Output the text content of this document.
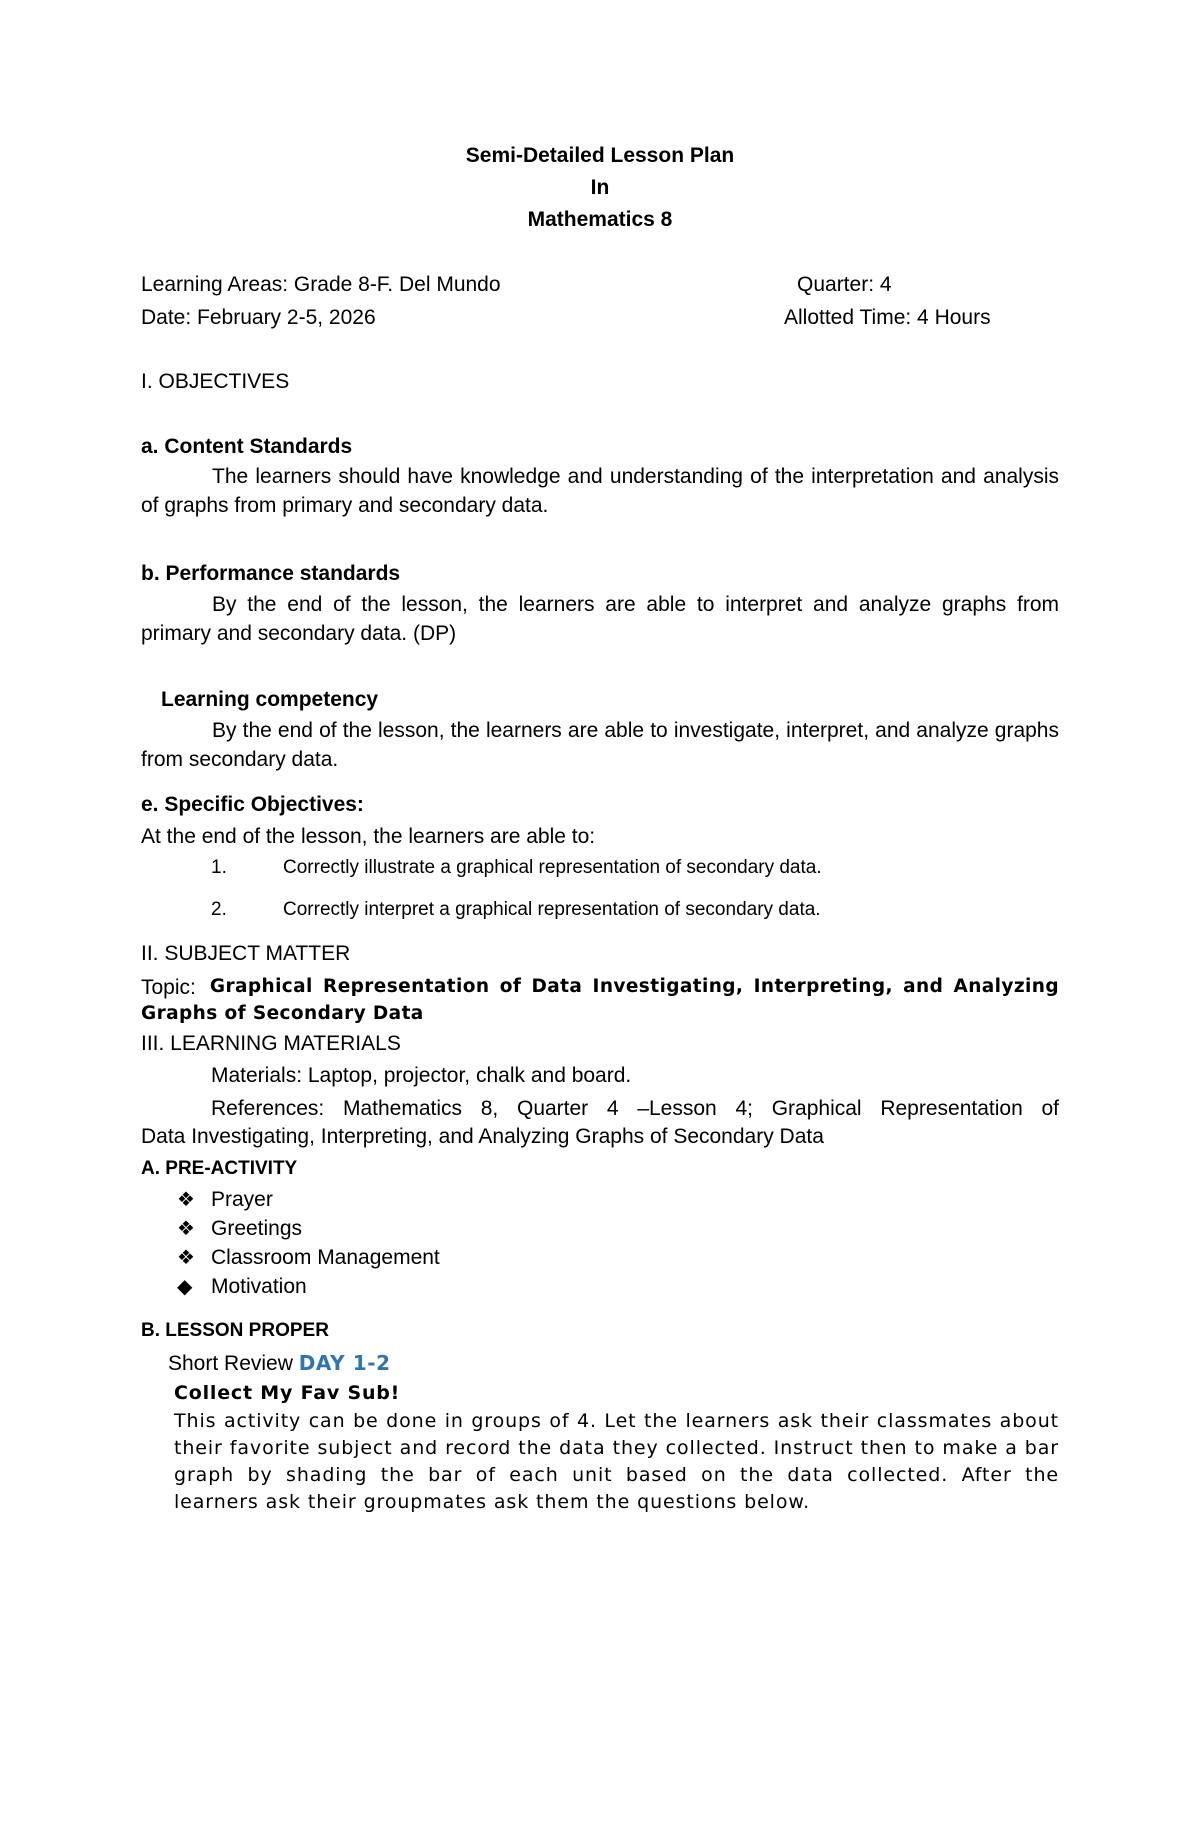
Semi-Detailed Lesson Plan
In
Mathematics 8
Learning Areas: Grade 8-F. Del Mundo	Quarter: 4
Date: February 2-5, 2026	Allotted Time: 4 Hours
I. OBJECTIVES
a. Content Standards
The learners should have knowledge and understanding of the interpretation and analysis of graphs from primary and secondary data.
b. Performance standards
By the end of the lesson, the learners are able to interpret and analyze graphs from primary and secondary data. (DP)
Learning competency
By the end of the lesson, the learners are able to investigate, interpret, and analyze graphs from secondary data.
e. Specific Objectives:
At the end of the lesson, the learners are able to:
1.	Correctly illustrate a graphical representation of secondary data.
2.	Correctly interpret a graphical representation of secondary data.
II. SUBJECT MATTER
Topic: Graphical Representation of Data Investigating, Interpreting, and Analyzing
Graphs of Secondary Data
III. LEARNING MATERIALS
Materials: Laptop, projector, chalk and board.
References: Mathematics 8, Quarter 4 –Lesson 4; Graphical Representation of
Data Investigating, Interpreting, and Analyzing Graphs of Secondary Data
A. PRE-ACTIVITY
❖ Prayer
❖ Greetings
❖ Classroom Management
◆ Motivation
B. LESSON PROPER
Short Review DAY 1-2
Collect My Fav Sub!
This activity can be done in groups of 4. Let the learners ask their classmates about their favorite subject and record the data they collected. Instruct then to make a bar graph by shading the bar of each unit based on the data collected. After the learners ask their groupmates ask them the questions below.
